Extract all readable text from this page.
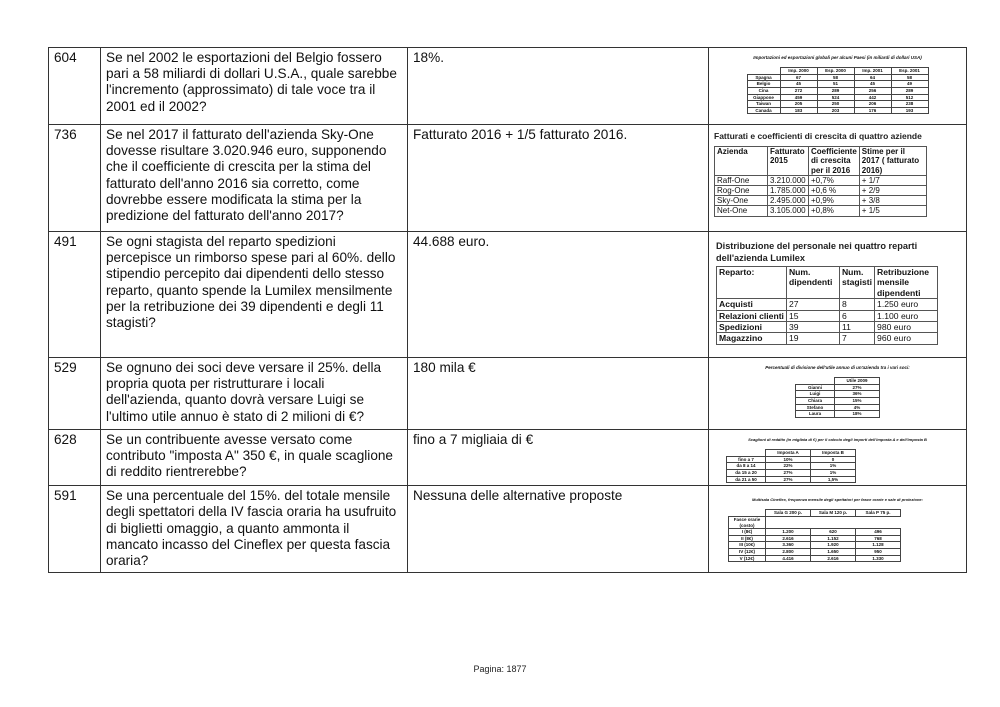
604	Se nel 2002 le esportazioni del Belgio fossero pari a 58 miliardi di dollari U.S.A., quale sarebbe l'incremento (approssimato) di tale voce tra il 2001 ed il 2002?	18%.	Importazioni ed esportazioni globali per alcuni Paesi (in miliardi di dollari USA)
	Imp. 2000	Esp. 2000	Imp. 2001	Esp. 2001
Spagna	67	58	64	58
Belgio	45	51	45	49
Cina	272	289	256	289
Giappone	459	524	442	512
Taiwan	205	250	206	238
Canada	183	203	176	193

736	Se nel 2017 il fatturato dell'azienda Sky-One dovesse risultare 3.020.946 euro, supponendo che il coefficiente di crescita per la stima del fatturato dell'anno 2016 sia corretto, come dovrebbe essere modificata la stima per la predizione del fatturato dell'anno 2017?	Fatturato 2016 + 1/5 fatturato 2016.	Fatturati e coefficienti di crescita di quattro aziende
Azienda	Fatturato 2015	Coefficiente di crescita per il 2016	Stime per il 2017 ( fatturato 2016)
Raff-One	3.210.000	+0,7%	+ 1/7
Rog-One	1.785.000	+0,6 %	+ 2/9
Sky-One	2.495.000	+0,9%	+ 3/8
Net-One	3.105.000	+0,8%	+ 1/5

491	Se ogni stagista del reparto spedizioni percepisce un rimborso spese pari al 60%. dello stipendio percepito dai dipendenti dello stesso reparto, quanto spende la Lumilex mensilmente per la retribuzione dei 39 dipendenti e degli 11 stagisti?	44.688 euro.	Distribuzione del personale nei quattro reparti dell'azienda Lumilex
Reparto:	Num. dipendenti	Num. stagisti	Retribuzione mensile dipendenti
Acquisti	27	8	1.250 euro
Relazioni clienti	15	6	1.100 euro
Spedizioni	39	11	980 euro
Magazzino	19	7	960 euro

529	Se ognuno dei soci deve versare il 25%. della propria quota per ristrutturare i locali dell'azienda, quanto dovrà versare Luigi se l'ultimo utile annuo è stato di 2 milioni di €?	180 mila €	Percentuali di divisione dell'utile annuo di un'azienda tra i vari soci:
	Utile 2009
Gianni	27%
Luigi	36%
Chiara	15%
Stefano	4%
Laura	18%

628	Se un contribuente avesse versato come contributo "imposta A" 350 €, in quale scaglione di reddito rientrerebbe?	fino a 7 migliaia di €	Scaglioni di reddito (in migliaia di €) per il calcolo degli importi dell'imposta A e dell'imposta B
	Imposta A	Imposta B
fino a 7	10%	0
da 8 a 14	22%	1%
da 15 a 20	27%	1%
da 21 a 50	27%	1,5%

591	Se una percentuale del 15%. del totale mensile degli spettatori della IV fascia oraria ha usufruito di biglietti omaggio, a quanto ammonta il mancato incasso del Cineflex per questa fascia oraria?	Nessuna delle alternative proposte	Multisala Cineflex, frequenza mensile degli spettatori per fasce orarie e sale di proiezione:
	Sala G 200 p.	Sala M 120 p.	Sala P 75 p.
Fasce orarie (costo)			
I (8€)	1.200	620	496
II (8€)	2.616	1.152	768
III (10€)	3.360	1.920	1.128
IV (12€)	2.800	1.650	950
V (12€)	4.416	2.616	1.330
Pagina: 1877
